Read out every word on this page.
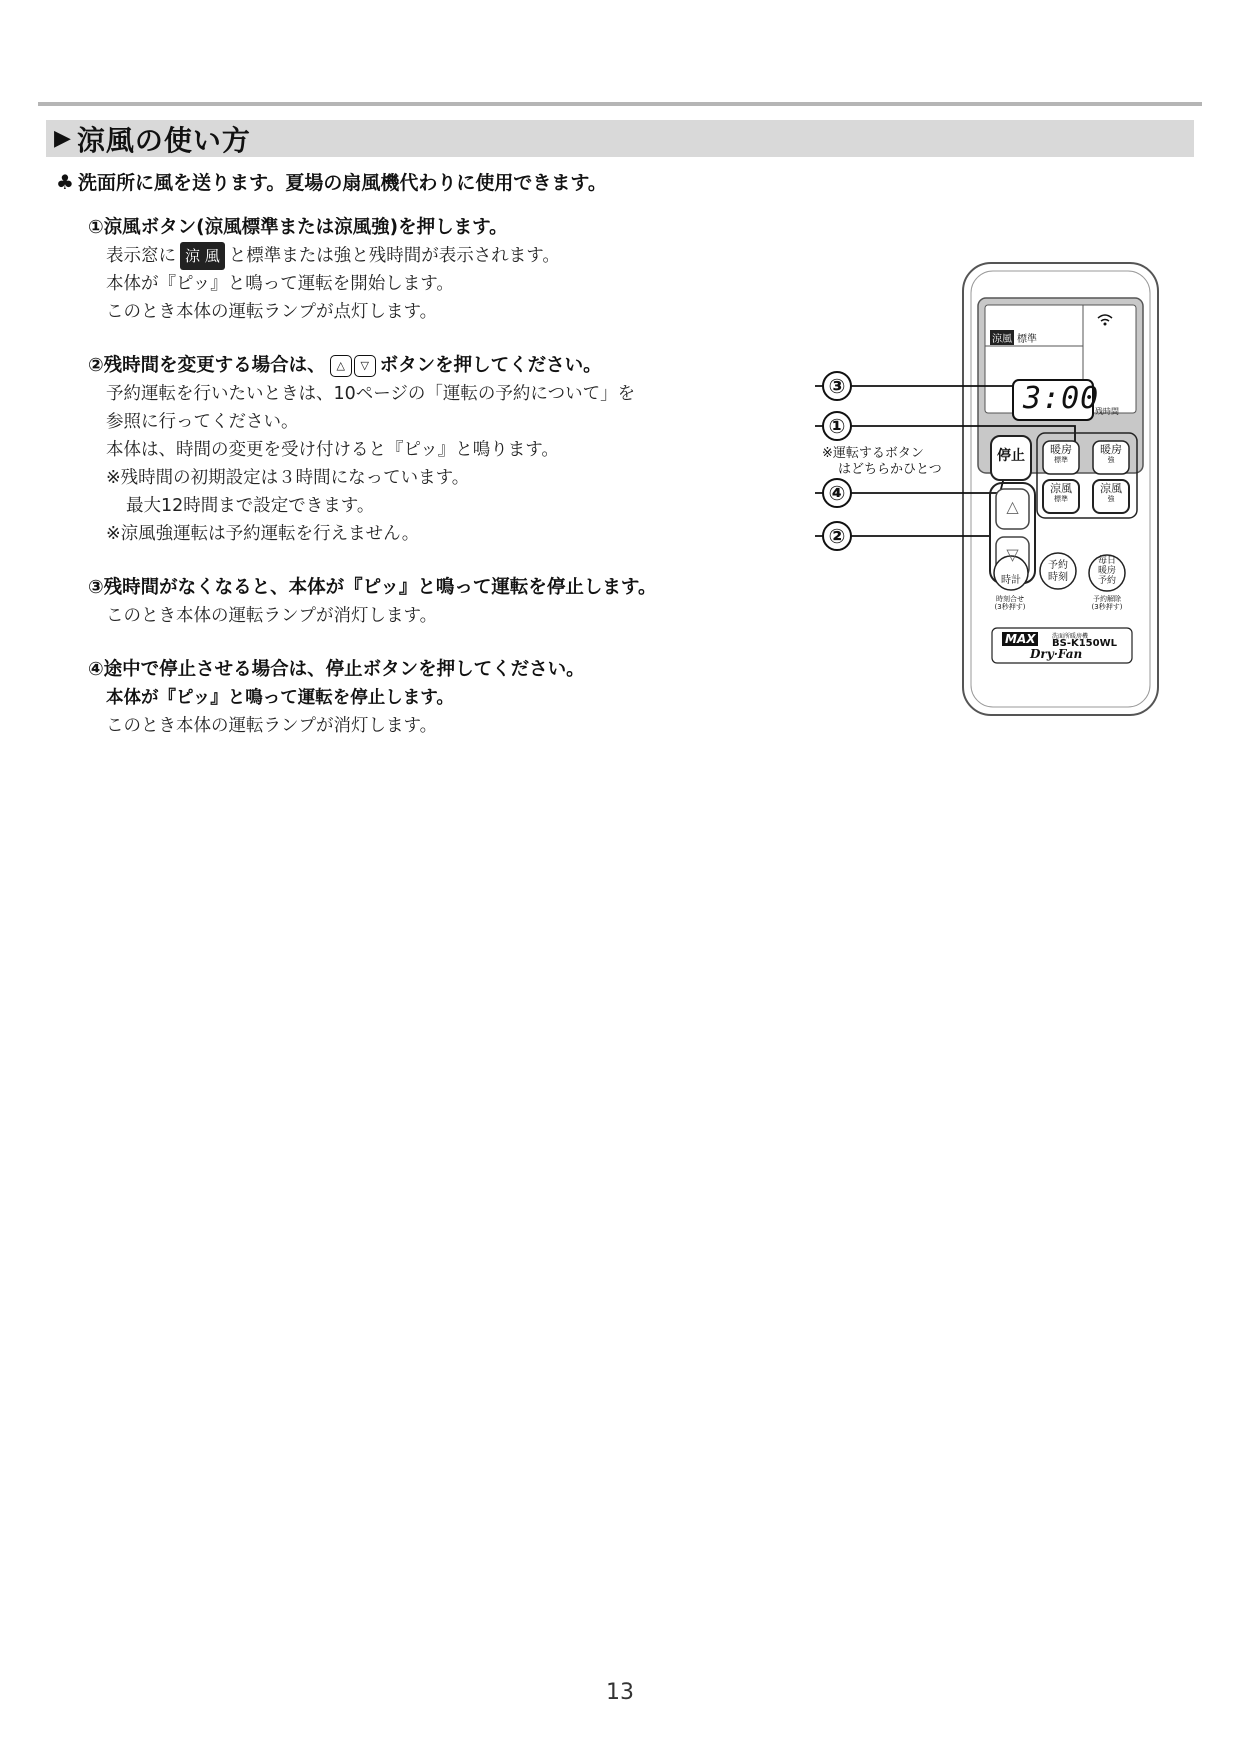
▶ 涼風の使い方
♣ 洗面所に風を送ります。夏場の扇風機代わりに使用できます。
①涼風ボタン(涼風標準または涼風強)を押します。
表示窓に 涼 風 と標準または強と残時間が表示されます。
本体が『ピッ』と鳴って運転を開始します。
このとき本体の運転ランプが点灯します。
②残時間を変更する場合は、 △	▽ ボタンを押してください。
予約運転を行いたいときは、10ページの「運転の予約について」を
参照に行ってください。
本体は、時間の変更を受け付けると『ピッ』と鳴ります。
※残時間の初期設定は３時間になっています。
最大12時間まで設定できます。
※涼風強運転は予約運転を行えません。
③残時間がなくなると、本体が『ピッ』と鳴って運転を停止します。
このとき本体の運転ランプが消灯します。
④途中で停止させる場合は、停止ボタンを押してください。
本体が『ピッ』と鳴って運転を停止します。
このとき本体の運転ランプが消灯します。
③
①
④
②
※運転するボタン
はどちらかひとつ
涼風 標準
3:00
残時間
停止	暖房
標準
暖房
強
涼風
標準
涼風
強
△
▽
時計
時刻合せ
(3秒押す)
予約
時刻
毎日
暖房
予約
予約解除
(3秒押す)
MAX	洗面所暖房機
BS-K150WL
Dry·Fan
13
